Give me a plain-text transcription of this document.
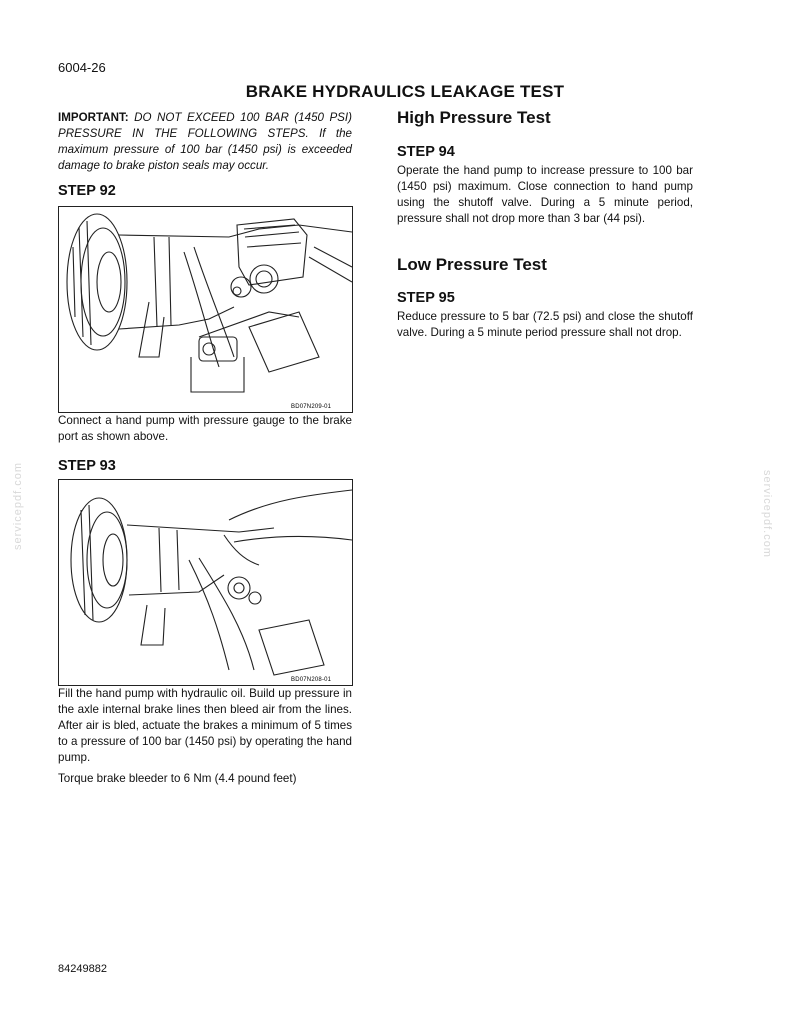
6004-26
BRAKE HYDRAULICS LEAKAGE TEST
IMPORTANT: DO NOT EXCEED 100 BAR (1450 PSI) PRESSURE IN THE FOLLOWING STEPS. If the maximum pressure of 100 bar (1450 psi) is exceeded damage to brake piston seals may occur.
STEP 92
BD07N209-01
Connect a hand pump with pressure gauge to the brake port as shown above.
STEP 93
BD07N208-01
Fill the hand pump with hydraulic oil. Build up pressure in the axle internal brake lines then bleed air from the lines. After air is bled, actuate the brakes a minimum of 5 times to a pressure of 100 bar (1450 psi) by operating the hand pump.
Torque brake bleeder to 6 Nm (4.4 pound feet)
High Pressure Test
STEP 94
Operate the hand pump to increase pressure to 100 bar (1450 psi) maximum. Close connection to hand pump using the shutoff valve. During a 5 minute period, pressure shall not drop more than 3 bar (44 psi).
Low Pressure Test
STEP 95
Reduce pressure to 5 bar (72.5 psi) and close the shutoff valve. During a 5 minute period pressure shall not drop.
servicepdf.com	servicepdf.com
84249882
